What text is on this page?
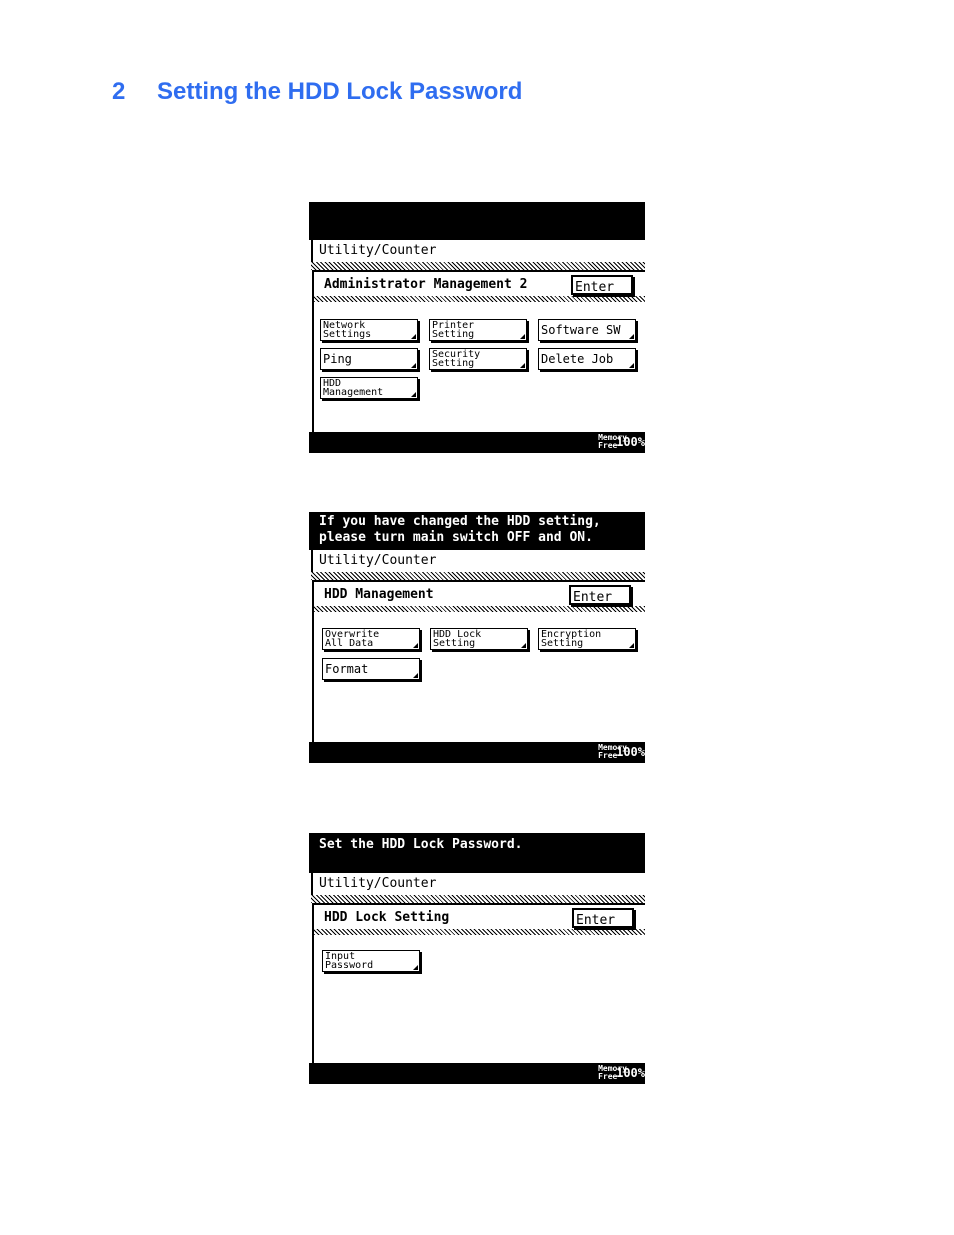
2 Setting the HDD Lock Password
Utility/Counter
Administrator Management 2	Enter
Network
Settings
Printer
Setting	Software SW
Ping	Security
Setting	Delete Job
HDD
Management
Memory
Free
100%
If you have changed the HDD setting,
please turn main switch OFF and ON.
Utility/Counter
HDD Management	Enter
Overwrite
All Data
HDD Lock
Setting
Encryption
Setting
Format
Memory
Free
100%
Set the HDD Lock Password.
Utility/Counter
HDD Lock Setting	Enter
Input
Password
Memory
Free
100%
